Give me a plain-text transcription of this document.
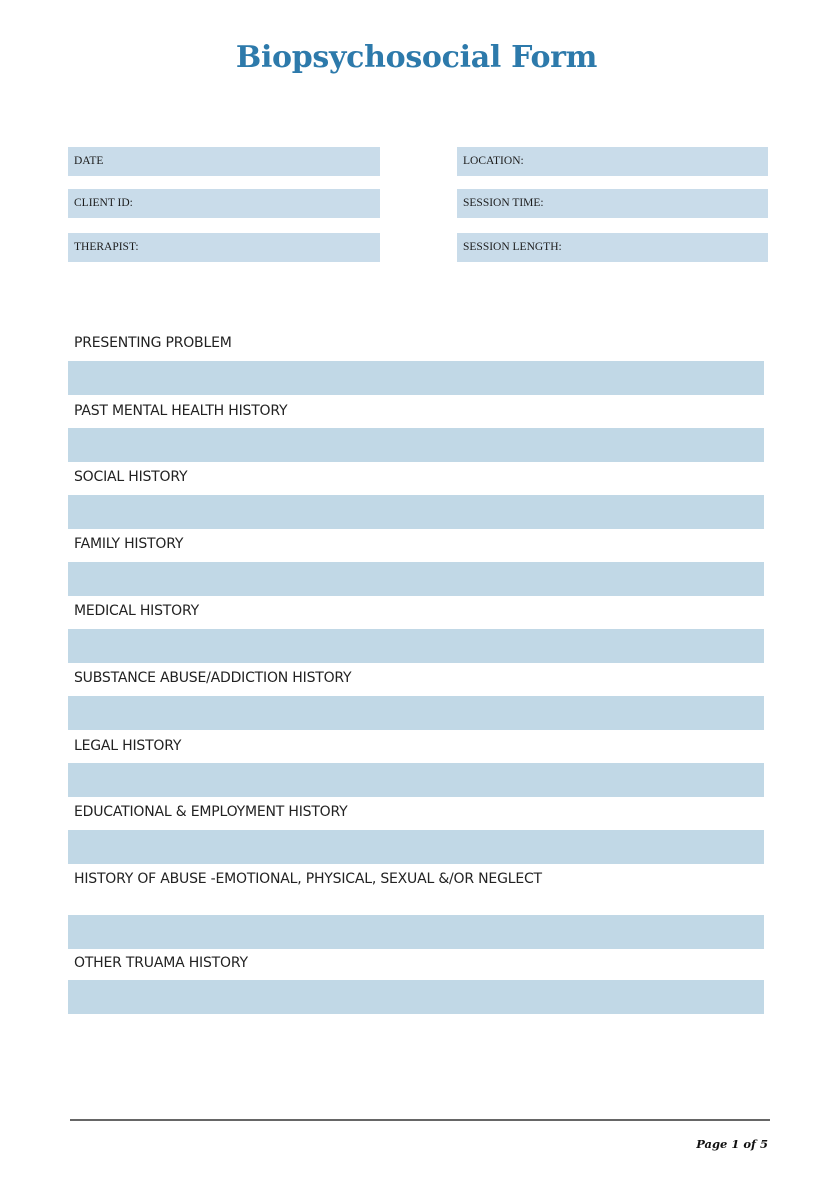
Biopsychosocial Form
DATE
CLIENT ID:
THERAPIST:
LOCATION:
SESSION TIME:
SESSION LENGTH:
PRESENTING PROBLEM
PAST MENTAL HEALTH HISTORY
SOCIAL HISTORY
FAMILY HISTORY
MEDICAL HISTORY
SUBSTANCE ABUSE/ADDICTION HISTORY
LEGAL HISTORY
EDUCATIONAL & EMPLOYMENT HISTORY
HISTORY OF ABUSE -EMOTIONAL, PHYSICAL, SEXUAL &/OR NEGLECT
OTHER TRUAMA HISTORY
Page 1 of 5
